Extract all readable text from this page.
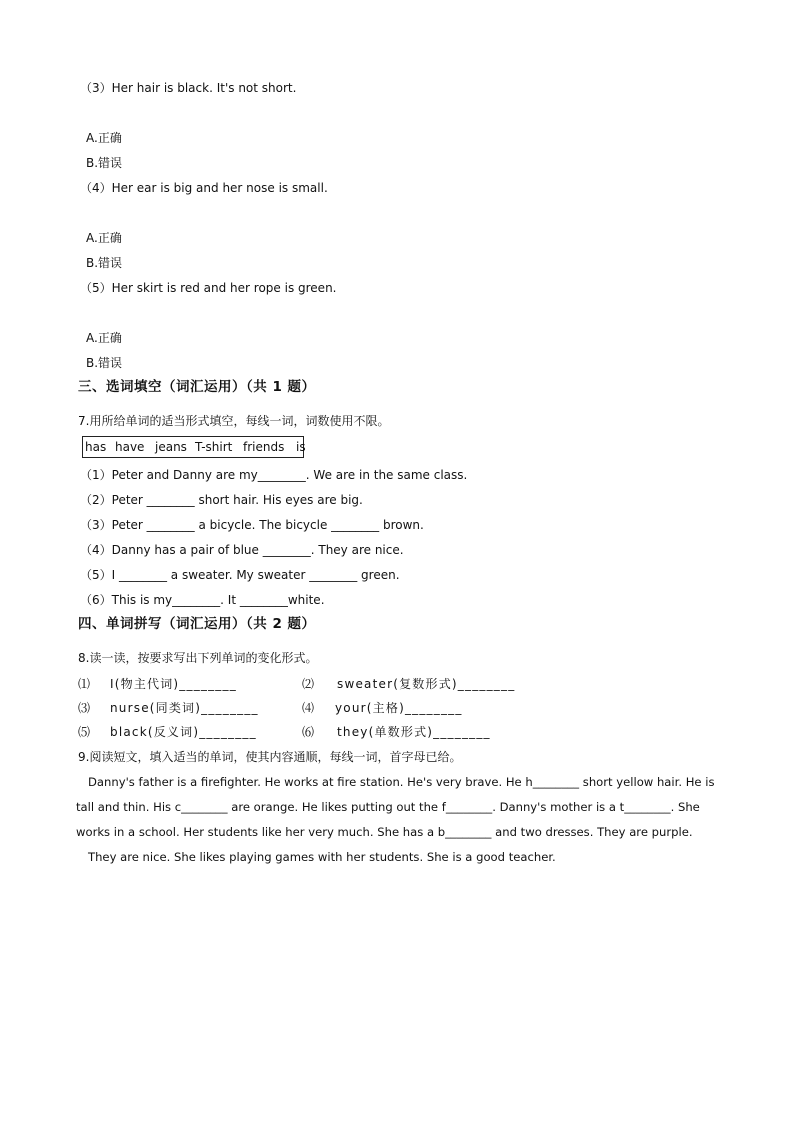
（3）Her hair is black. It's not short.
A.正确
B.错误
（4）Her ear is big and her nose is small.
A.正确
B.错误
（5）Her skirt is red and her rope is green.
A.正确
B.错误
三、选词填空（词汇运用）（共 1 题）
7.用所给单词的适当形式填空，每线一词，词数使用不限。
has have jeans T-shirt friends is
（1）Peter and Danny are my________. We are in the same class.
（2）Peter ________ short hair. His eyes are big.
（3）Peter ________ a bicycle. The bicycle ________ brown.
（4）Danny has a pair of blue ________. They are nice.
（5）I ________ a sweater. My sweater ________ green.
（6）This is my________. It ________white.
四、单词拼写（词汇运用）（共 2 题）
8.读一读，按要求写出下列单词的变化形式。
⑴ I(物主代词)________	⑵ sweater(复数形式)________
⑶ nurse(同类词)________	⑷ your(主格)________
⑸ black(反义词)________	⑹ they(单数形式)________
9.阅读短文，填入适当的单词，使其内容通顺，每线一词，首字母已给。
Danny's father is a firefighter. He works at fire station. He's very brave. He h________ short yellow hair. He is
tall and thin. His c________ are orange. He likes putting out the f________. Danny's mother is a t________. She
works in a school. Her students like her very much. She has a b________ and two dresses. They are purple.
They are nice. She likes playing games with her students. She is a good teacher.
